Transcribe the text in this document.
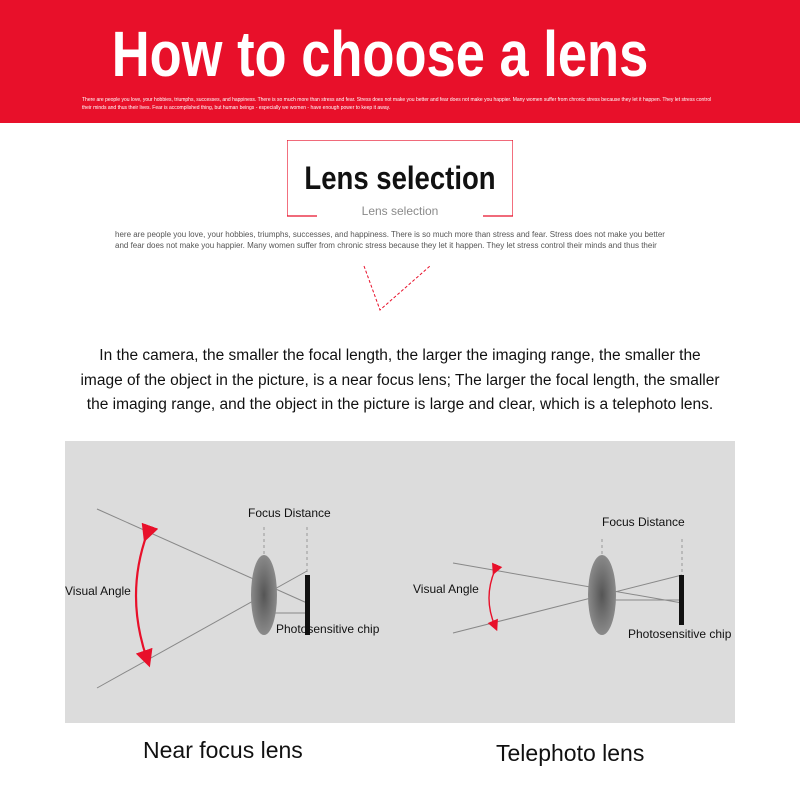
How to choose a lens
There are people you love, your hobbies, triumphs, successes, and happiness. There is so much more than stress and fear. Stress does not make you better and fear does not make you happier. Many women suffer from chronic stress because they let it happen. They let stress control their minds and thus their lives. Fear is accomplished thing, but human beings - especially we women - have enough power to keep it away.
Lens selection
Lens selection
here are people you love, your hobbies, triumphs, successes, and happiness. There is so much more than stress and fear. Stress does not make you better
and fear does not make you happier. Many women suffer from chronic stress because they let it happen. They let stress control their minds and thus their
In the camera, the smaller the focal length, the larger the imaging range, the smaller the
image of the object in the picture, is a near focus lens; The larger the focal length, the smaller
the imaging range, and the object in the picture is large and clear, which is a telephoto lens.
Visual Angle
Focus Distance
Photosensitive chip
Visual Angle
Focus Distance
Photosensitive chip
Near focus lens	Telephoto lens
